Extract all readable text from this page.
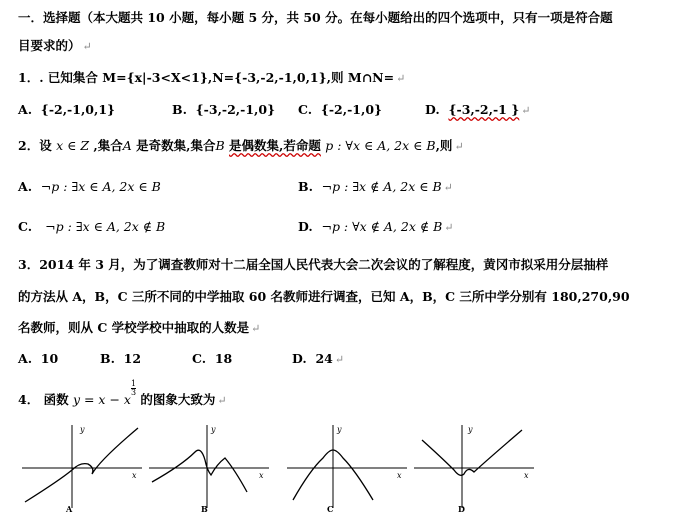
一．选择题（本大题共 10 小题，每小题 5 分，共 50 分。在每小题给出的四个选项中，只有一项是符合题
目要求的） ↵
1．. 已知集合 M={x|-3<X<1},N={-3,-2,-1,0,1},则 M∩N= ↵
A. {-2,-1,0,1}	B. {-3,-2,-1,0} C. {-2,-1,0}	D. {-3,-2,-1 } ↵
2．设 x ∈ Z ,集合A 是奇数集,集合B 是偶数集,若命题 p : ∀x ∈ A, 2x ∈ B,则 ↵
A. ¬p : ∃x ∈ A, 2x ∈ B	B. ¬p : ∃x ∉ A, 2x ∈ B ↵
C. ¬p : ∃x ∈ A, 2x ∉ B	D. ¬p : ∀x ∉ A, 2x ∉ B ↵
3．2014 年 3 月，为了调查教师对十二届全国人民代表大会二次会议的了解程度，黄冈市拟采用分层抽样
的方法从 A，B，C 三所不同的中学抽取 60 名教师进行调查，已知 A，B，C 三所中学分别有 180,270,90
名教师，则从 C 学校学校中抽取的人数是 ↵
A. 10	B. 12	C. 18	D. 24 ↵
4． 函数 y = x − x
$\frac{1}{3}$
的图象大致为 ↵
y
x
A
y
x
B
y
x
C
y
x
D
